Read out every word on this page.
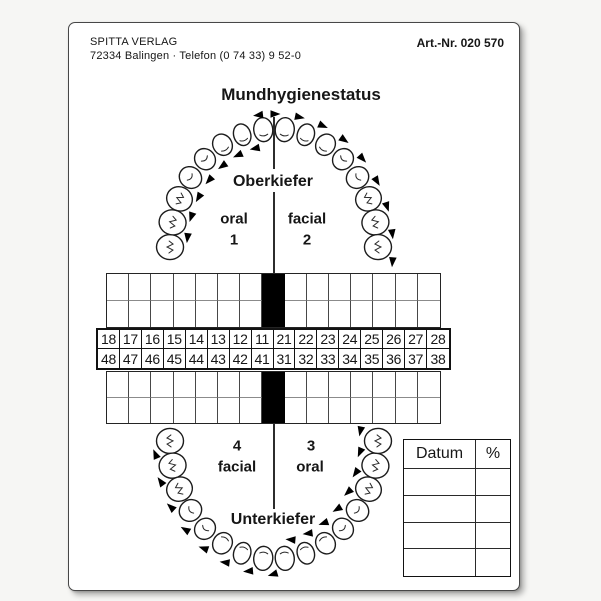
SPITTA VERLAG
72334 Balingen · Telefon (0 74 33) 9 52-0
Art.-Nr. 020 570
Mundhygienestatus
Oberkiefer
oral
1
facial
2
4
facial
3
oral
Unterkiefer
18 17 16 15 14 13 12 11 21 22 23 24 25 26 27 28
48 47 46 45 44 43 42 41 31 32 33 34 35 36 37 38
Datum	%
